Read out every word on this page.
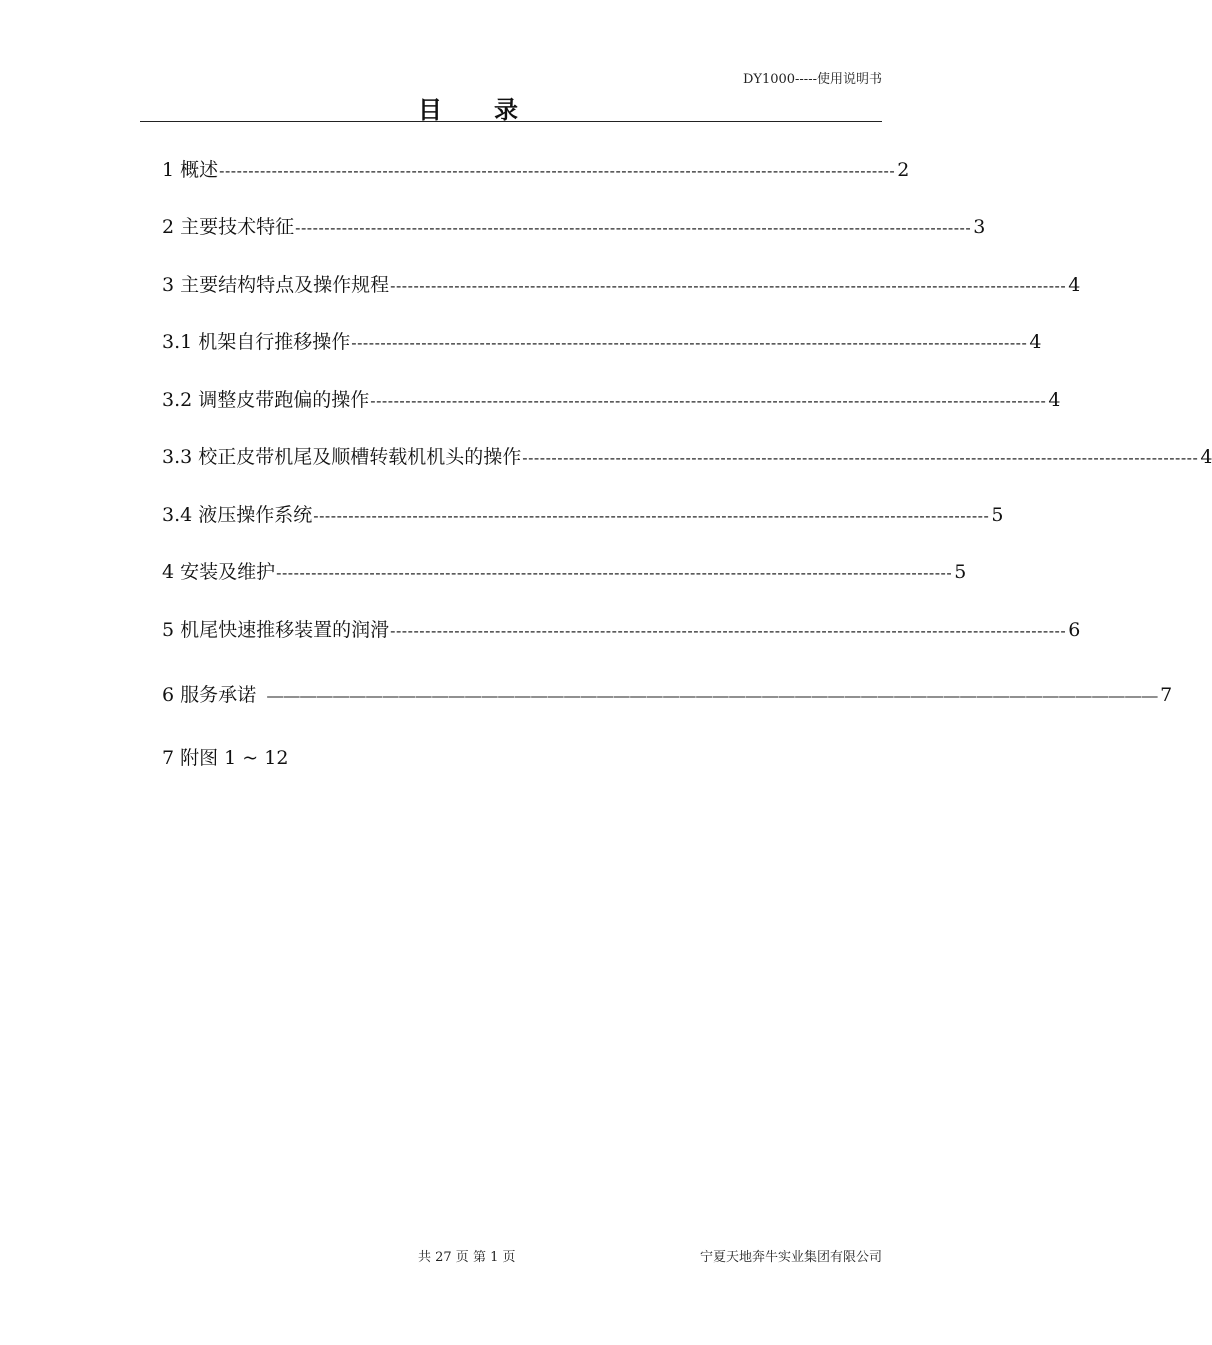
DY1000-----使用说明书
目录
1 概述 -------------------------------------------------------------------------------------------------------------------- 2
2 主要技术特征 -------------------------------------------------------------------------------------------------------------------- 3
3 主要结构特点及操作规程 -------------------------------------------------------------------------------------------------------------------- 4
3.1 机架自行推移操作 -------------------------------------------------------------------------------------------------------------------- 4
3.2 调整皮带跑偏的操作 -------------------------------------------------------------------------------------------------------------------- 4
3.3 校正皮带机尾及顺槽转载机机头的操作 -------------------------------------------------------------------------------------------------------------------- 4
3.4 液压操作系统 -------------------------------------------------------------------------------------------------------------------- 5
4 安装及维护 -------------------------------------------------------------------------------------------------------------------- 5
5 机尾快速推移装置的润滑 -------------------------------------------------------------------------------------------------------------------- 6
6 服务承诺 —————————————————————————————————————————————————————— 7
7 附图 1 ~ 12
共 27 页 第 1 页	宁夏天地奔牛实业集团有限公司
